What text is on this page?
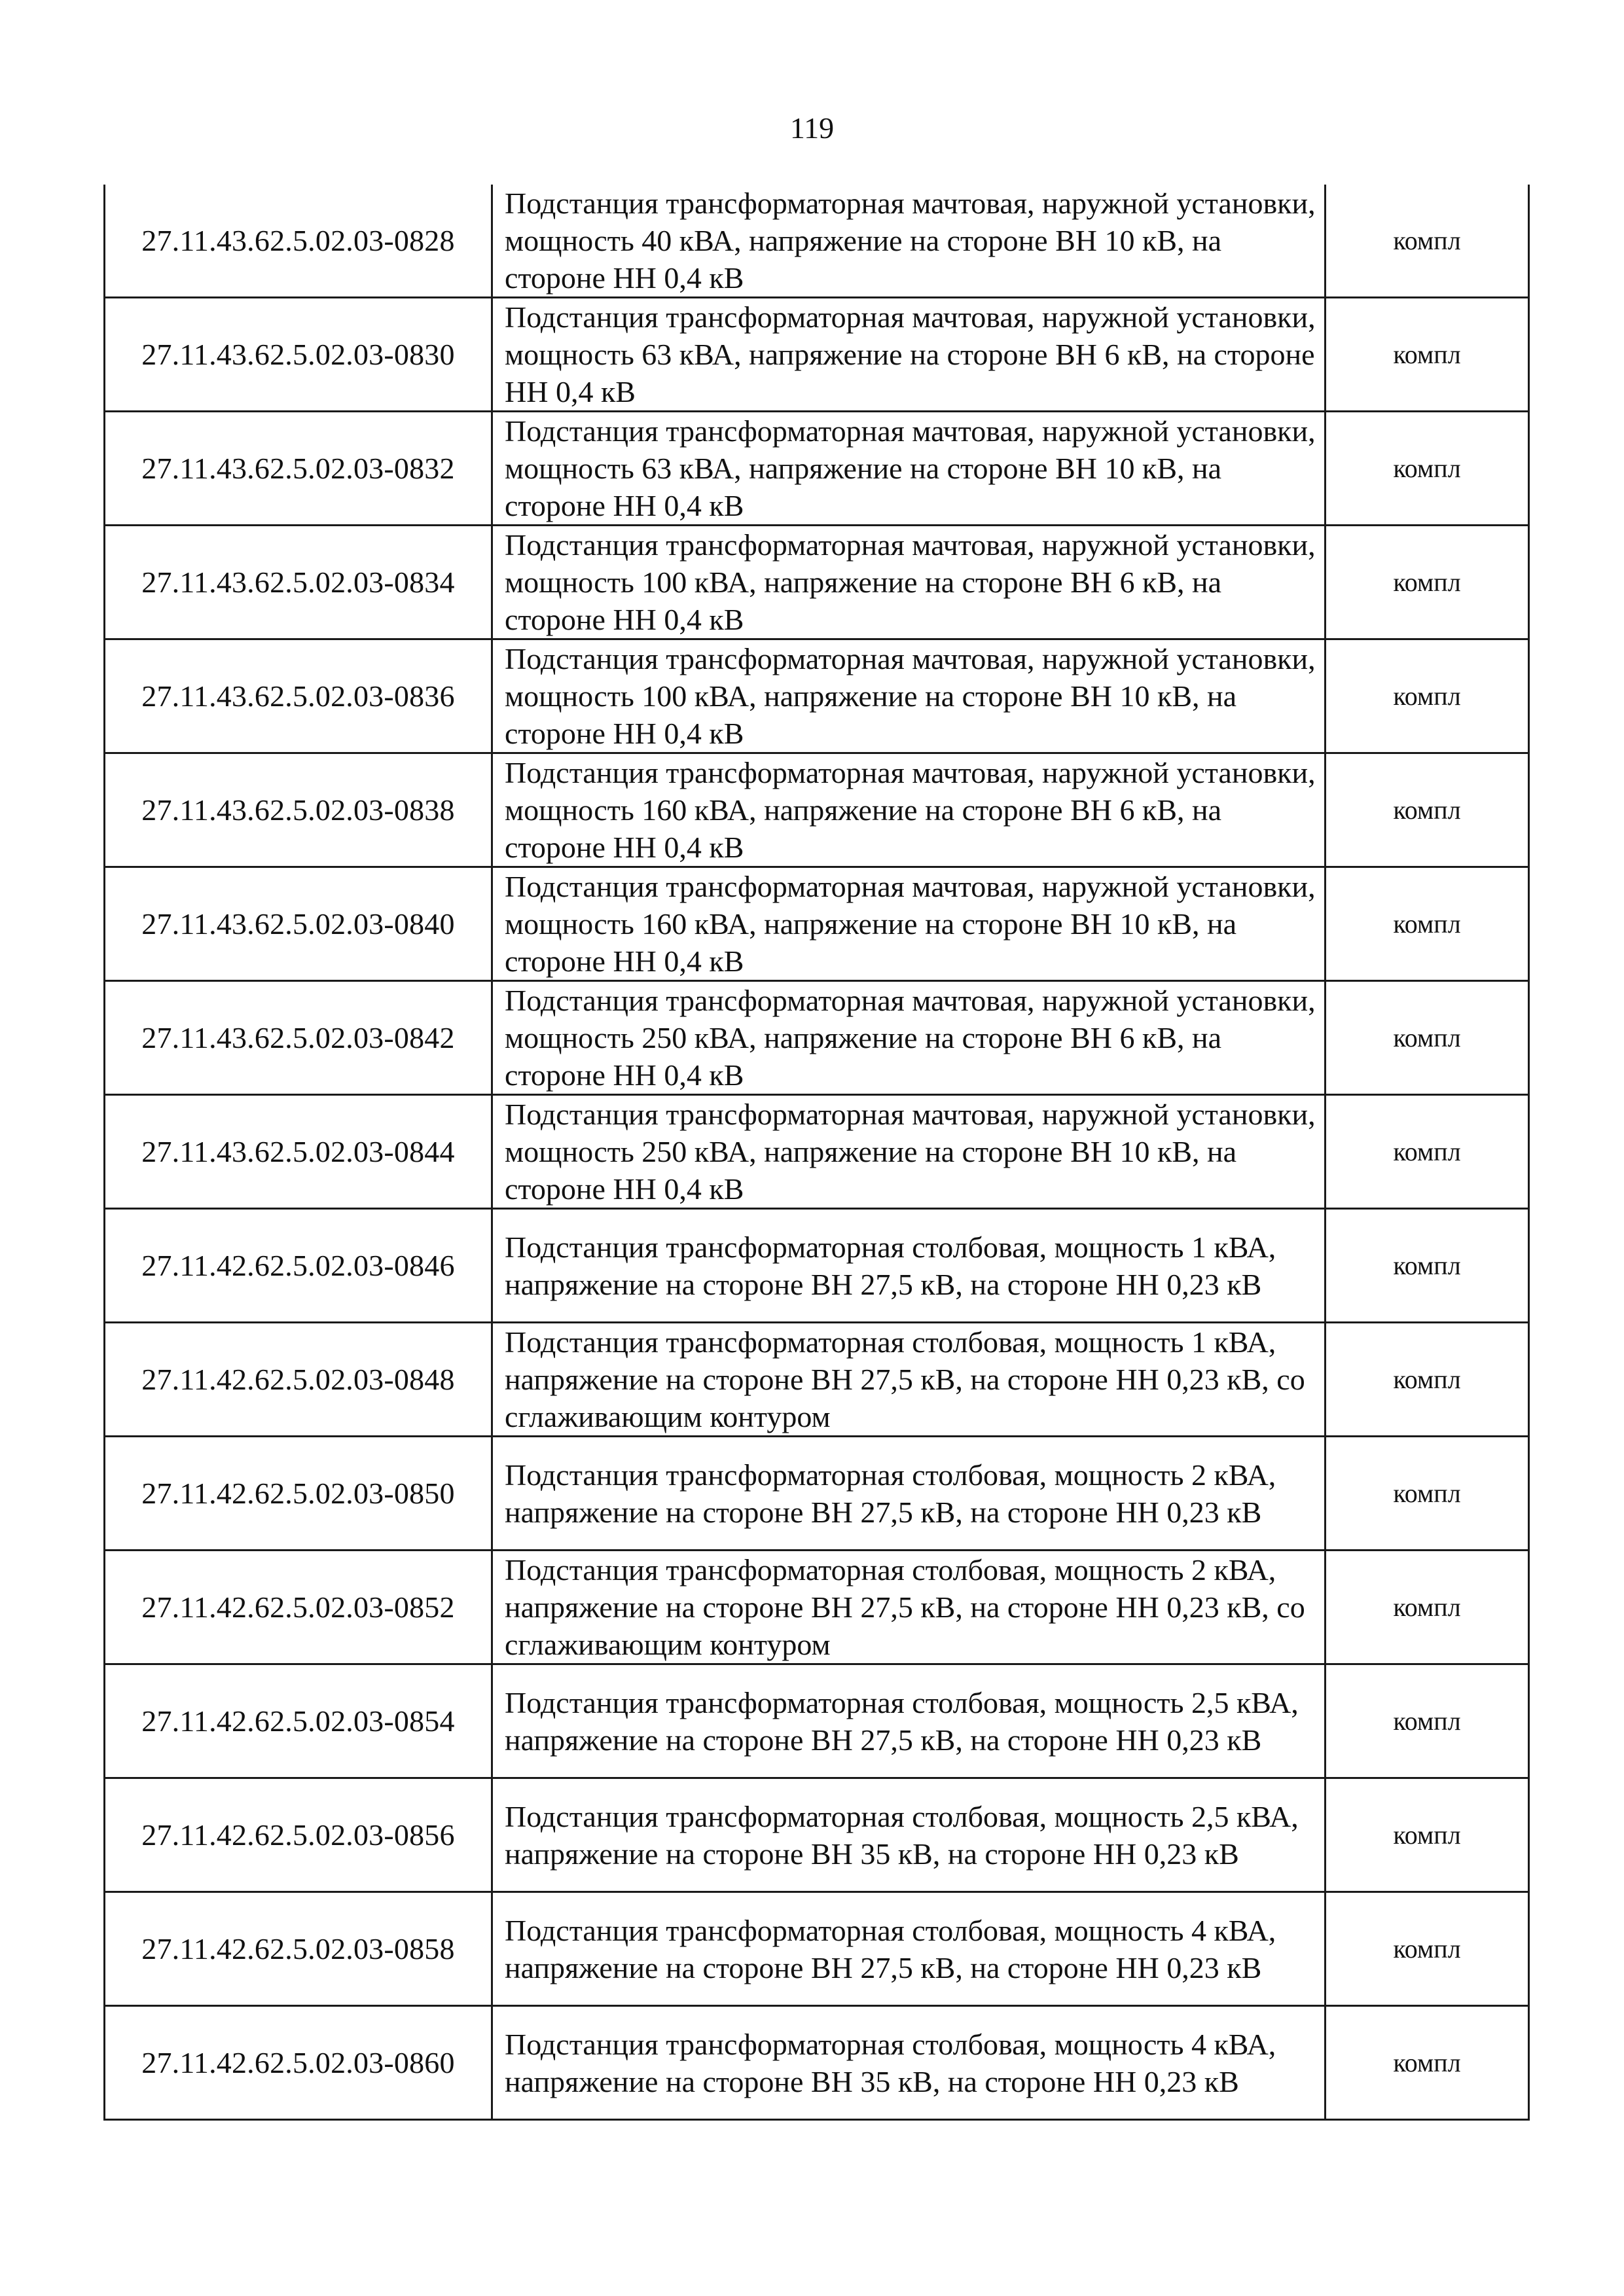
119
27.11.43.62.5.02.03-0828	Подстанция трансформаторная мачтовая, наружной установки, мощность 40 кВА, напряжение на стороне ВН 10 кВ, на стороне НН 0,4 кВ	компл
27.11.43.62.5.02.03-0830	Подстанция трансформаторная мачтовая, наружной установки, мощность 63 кВА, напряжение на стороне ВН 6 кВ, на стороне НН 0,4 кВ	компл
27.11.43.62.5.02.03-0832	Подстанция трансформаторная мачтовая, наружной установки, мощность 63 кВА, напряжение на стороне ВН 10 кВ, на стороне НН 0,4 кВ	компл
27.11.43.62.5.02.03-0834	Подстанция трансформаторная мачтовая, наружной установки, мощность 100 кВА, напряжение на стороне ВН 6 кВ, на стороне НН 0,4 кВ	компл
27.11.43.62.5.02.03-0836	Подстанция трансформаторная мачтовая, наружной установки, мощность 100 кВА, напряжение на стороне ВН 10 кВ, на стороне НН 0,4 кВ	компл
27.11.43.62.5.02.03-0838	Подстанция трансформаторная мачтовая, наружной установки, мощность 160 кВА, напряжение на стороне ВН 6 кВ, на стороне НН 0,4 кВ	компл
27.11.43.62.5.02.03-0840	Подстанция трансформаторная мачтовая, наружной установки, мощность 160 кВА, напряжение на стороне ВН 10 кВ, на стороне НН 0,4 кВ	компл
27.11.43.62.5.02.03-0842	Подстанция трансформаторная мачтовая, наружной установки, мощность 250 кВА, напряжение на стороне ВН 6 кВ, на стороне НН 0,4 кВ	компл
27.11.43.62.5.02.03-0844	Подстанция трансформаторная мачтовая, наружной установки, мощность 250 кВА, напряжение на стороне ВН 10 кВ, на стороне НН 0,4 кВ	компл
27.11.42.62.5.02.03-0846	Подстанция трансформаторная столбовая, мощность 1 кВА, напряжение на стороне ВН 27,5 кВ, на стороне НН 0,23 кВ	компл
27.11.42.62.5.02.03-0848	Подстанция трансформаторная столбовая, мощность 1 кВА, напряжение на стороне ВН 27,5 кВ, на стороне НН 0,23 кВ, со сглаживающим контуром	компл
27.11.42.62.5.02.03-0850	Подстанция трансформаторная столбовая, мощность 2 кВА, напряжение на стороне ВН 27,5 кВ, на стороне НН 0,23 кВ	компл
27.11.42.62.5.02.03-0852	Подстанция трансформаторная столбовая, мощность 2 кВА, напряжение на стороне ВН 27,5 кВ, на стороне НН 0,23 кВ, со сглаживающим контуром	компл
27.11.42.62.5.02.03-0854	Подстанция трансформаторная столбовая, мощность 2,5 кВА, напряжение на стороне ВН 27,5 кВ, на стороне НН 0,23 кВ	компл
27.11.42.62.5.02.03-0856	Подстанция трансформаторная столбовая, мощность 2,5 кВА, напряжение на стороне ВН 35 кВ, на стороне НН 0,23 кВ	компл
27.11.42.62.5.02.03-0858	Подстанция трансформаторная столбовая, мощность 4 кВА, напряжение на стороне ВН 27,5 кВ, на стороне НН 0,23 кВ	компл
27.11.42.62.5.02.03-0860	Подстанция трансформаторная столбовая, мощность 4 кВА, напряжение на стороне ВН 35 кВ, на стороне НН 0,23 кВ	компл
